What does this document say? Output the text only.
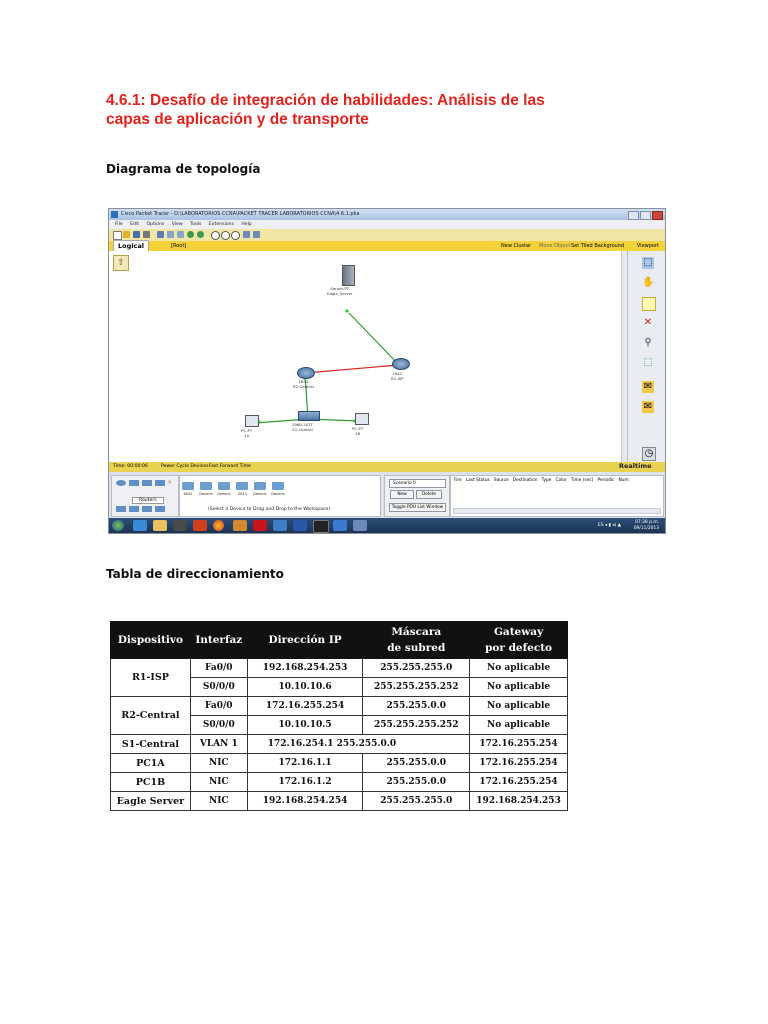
4.6.1: Desafío de integración de habilidades: Análisis de las capas de aplicación y de transporte
Diagrama de topología
Cisco Packet Tracer - D:\LABORATORIOS CCNA\PACKET TRACER LABORATORIOS CCNA\4.6.1.pka
File Edit Options View Tools Extensions Help
Logical	[Root]	New Cluster Move Object Set Tiled Background	Viewport
⇧
Server-PT
Eagle_Server
1841
R1-ISP
1841
R2-Central
2960-24TT
S1-Central
PC-PT
1A
PC-PT
1B
⬚
✋
✕
⚲
⬚
✉
✉
◷
Time: 00:00:06	Power Cycle Devices Fast Forward Time	Realtime
⚡
Routers
1841 Generic Generic 2811 Generic Generic
(Select a Device to Drag and Drop to the Workspace)
Scenario 0
New	Delete
Toggle PDU List Window
Fire Last Status Source Destination Type Color Time (sec) Periodic Num
ES ◂ ▮ ◂) ▲
07:38 p.m.
09/11/2013
Tabla de direccionamiento
Dispositivo	Interfaz	Dirección IP	Máscara
de subred	Gateway
por defecto
R1-ISP	Fa0/0	192.168.254.253	255.255.255.0	No aplicable
	S0/0/0	10.10.10.6	255.255.255.252	No aplicable
R2-Central	Fa0/0	172.16.255.254	255.255.0.0	No aplicable
	S0/0/0	10.10.10.5	255.255.255.252	No aplicable
S1-Central	VLAN 1	172.16.254.1 255.255.0.0		172.16.255.254
PC1A	NIC	172.16.1.1	255.255.0.0	172.16.255.254
PC1B	NIC	172.16.1.2	255.255.0.0	172.16.255.254
Eagle Server	NIC	192.168.254.254	255.255.255.0	192.168.254.253
